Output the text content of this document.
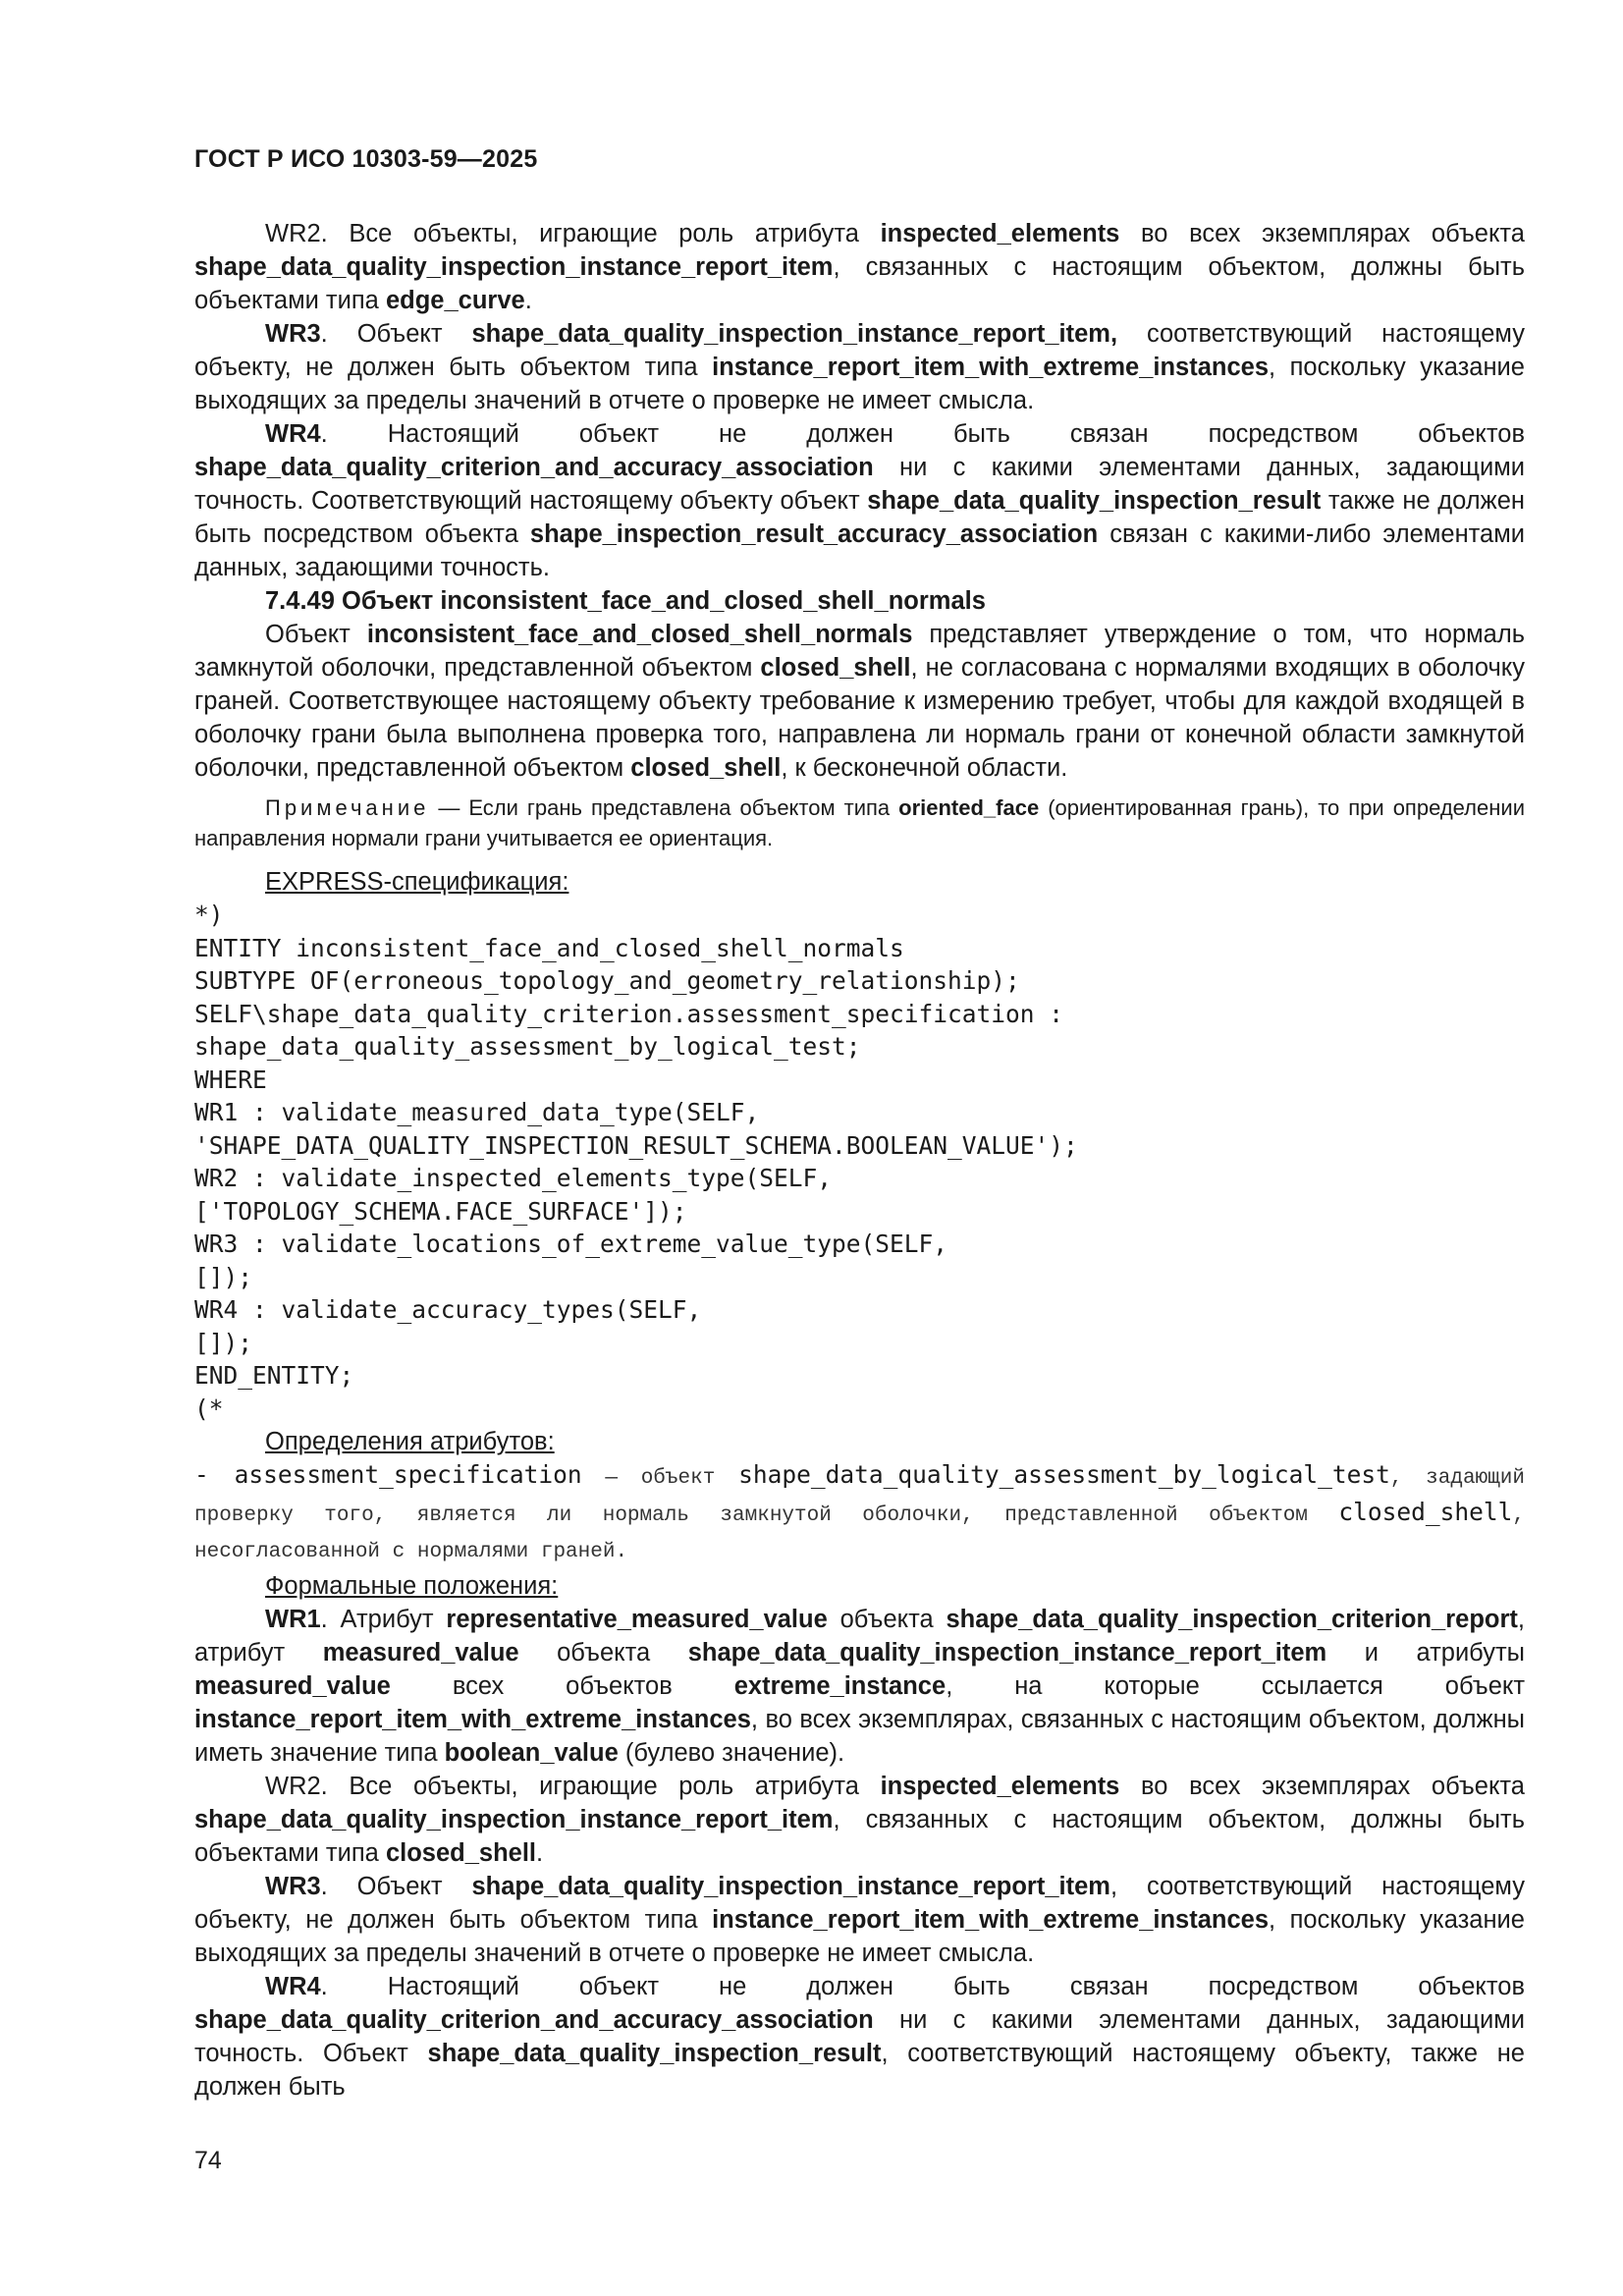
ГОСТ Р ИСО 10303-59—2025

WR2. Все объекты, играющие роль атрибута inspected_elements во всех экземплярах объекта shape_data_quality_inspection_instance_report_item, связанных с настоящим объектом, должны быть объектами типа edge_curve.

WR3. Объект shape_data_quality_inspection_instance_report_item, соответствующий настоящему объекту, не должен быть объектом типа instance_report_item_with_extreme_instances, поскольку указание выходящих за пределы значений в отчете о проверке не имеет смысла.

WR4. Настоящий объект не должен быть связан посредством объектов shape_data_quality_criterion_and_accuracy_association ни с какими элементами данных, задающими точность. Соответствующий настоящему объекту объект shape_data_quality_inspection_result также не должен быть посредством объекта shape_inspection_result_accuracy_association связан с какими-либо элементами данных, задающими точность.

7.4.49 Объект inconsistent_face_and_closed_shell_normals

Объект inconsistent_face_and_closed_shell_normals представляет утверждение о том, что нормаль замкнутой оболочки, представленной объектом closed_shell, не согласована с нормалями входящих в оболочку граней. Соответствующее настоящему объекту требование к измерению требует, чтобы для каждой входящей в оболочку грани была выполнена проверка того, направлена ли нормаль грани от конечной области замкнутой оболочки, представленной объектом closed_shell, к бесконечной области.

Примечание — Если грань представлена объектом типа oriented_face (ориентированная грань), то при определении направления нормали грани учитывается ее ориентация.

EXPRESS-спецификация:
*)
ENTITY inconsistent_face_and_closed_shell_normals
SUBTYPE OF(erroneous_topology_and_geometry_relationship);
SELF\shape_data_quality_criterion.assessment_specification :
shape_data_quality_assessment_by_logical_test;
WHERE
WR1 : validate_measured_data_type(SELF,
'SHAPE_DATA_QUALITY_INSPECTION_RESULT_SCHEMA.BOOLEAN_VALUE');
WR2 : validate_inspected_elements_type(SELF,
['TOPOLOGY_SCHEMA.FACE_SURFACE']);
WR3 : validate_locations_of_extreme_value_type(SELF,
[]);
WR4 : validate_accuracy_types(SELF,
[]);
END_ENTITY;
(*
Определения атрибутов:

- assessment_specification — объект shape_data_quality_assessment_by_logical_test, задающий проверку того, является ли нормаль замкнутой оболочки, представленной объектом closed_shell, несогласованной с нормалями граней.

Формальные положения:

WR1. Атрибут representative_measured_value объекта shape_data_quality_inspection_criterion_report, атрибут measured_value объекта shape_data_quality_inspection_instance_report_item и атрибуты measured_value всех объектов extreme_instance, на которые ссылается объект instance_report_item_with_extreme_instances, во всех экземплярах, связанных с настоящим объектом, должны иметь значение типа boolean_value (булево значение).

WR2. Все объекты, играющие роль атрибута inspected_elements во всех экземплярах объекта shape_data_quality_inspection_instance_report_item, связанных с настоящим объектом, должны быть объектами типа closed_shell.

WR3. Объект shape_data_quality_inspection_instance_report_item, соответствующий настоящему объекту, не должен быть объектом типа instance_report_item_with_extreme_instances, поскольку указание выходящих за пределы значений в отчете о проверке не имеет смысла.

WR4. Настоящий объект не должен быть связан посредством объектов shape_data_quality_criterion_and_accuracy_association ни с какими элементами данных, задающими точность. Объект shape_data_quality_inspection_result, соответствующий настоящему объекту, также не должен быть

74
